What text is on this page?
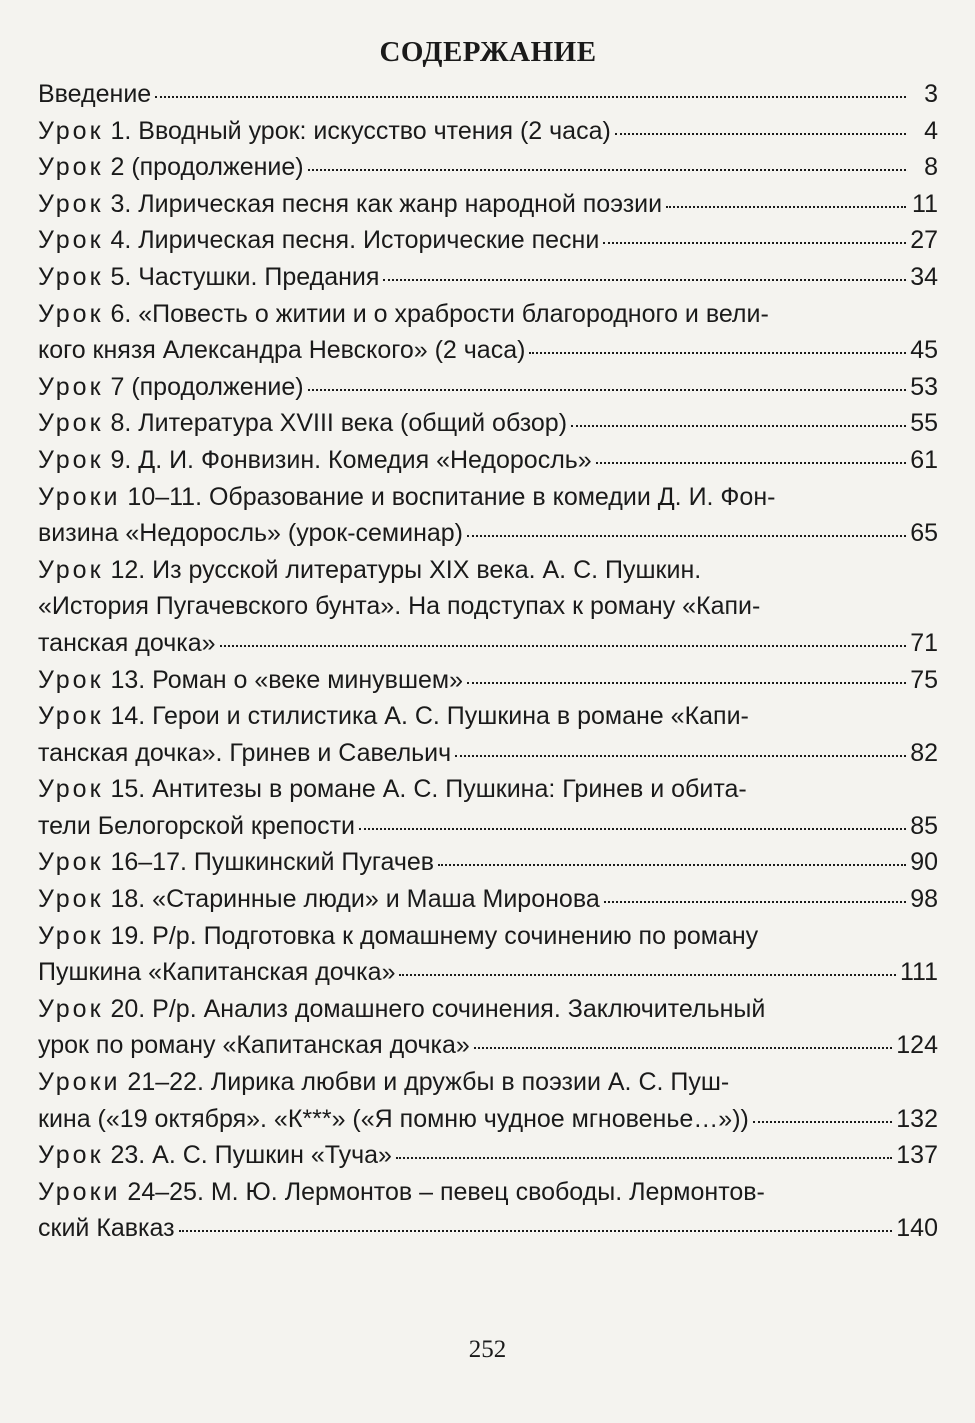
СОДЕРЖАНИЕ
Введение	3
Урок 1. Вводный урок: искусство чтения (2 часа)	4
Урок 2 (продолжение)	8
Урок 3. Лирическая песня как жанр народной поэзии	11
Урок 4. Лирическая песня. Исторические песни	27
Урок 5. Частушки. Предания	34
Урок 6. «Повесть о житии и о храбрости благородного и вели-
кого князя Александра Невского» (2 часа)	45
Урок 7 (продолжение)	53
Урок 8. Литература XVIII века (общий обзор)	55
Урок 9. Д. И. Фонвизин. Комедия «Недоросль»	61
Уроки 10–11. Образование и воспитание в комедии Д. И. Фон-
визина «Недоросль» (урок-семинар)	65
Урок 12. Из русской литературы XIX века. А. С. Пушкин.
«История Пугачевского бунта». На подступах к роману «Капи-
танская дочка»	71
Урок 13. Роман о «веке минувшем»	75
Урок 14. Герои и стилистика А. С. Пушкина в романе «Капи-
танская дочка». Гринев и Савельич	82
Урок 15. Антитезы в романе А. С. Пушкина: Гринев и обита-
тели Белогорской крепости	85
Урок 16–17. Пушкинский Пугачев	90
Урок 18. «Старинные люди» и Маша Миронова	98
Урок 19. Р/р. Подготовка к домашнему сочинению по роману
Пушкина «Капитанская дочка»	111
Урок 20. Р/р. Анализ домашнего сочинения. Заключительный
урок по роману «Капитанская дочка»	124
Уроки 21–22. Лирика любви и дружбы в поэзии А. С. Пуш-
кина («19 октября». «К***» («Я помню чудное мгновенье…»))	132
Урок 23. А. С. Пушкин «Туча»	137
Уроки 24–25. М. Ю. Лермонтов – певец свободы. Лермонтов-
ский Кавказ	140
252
